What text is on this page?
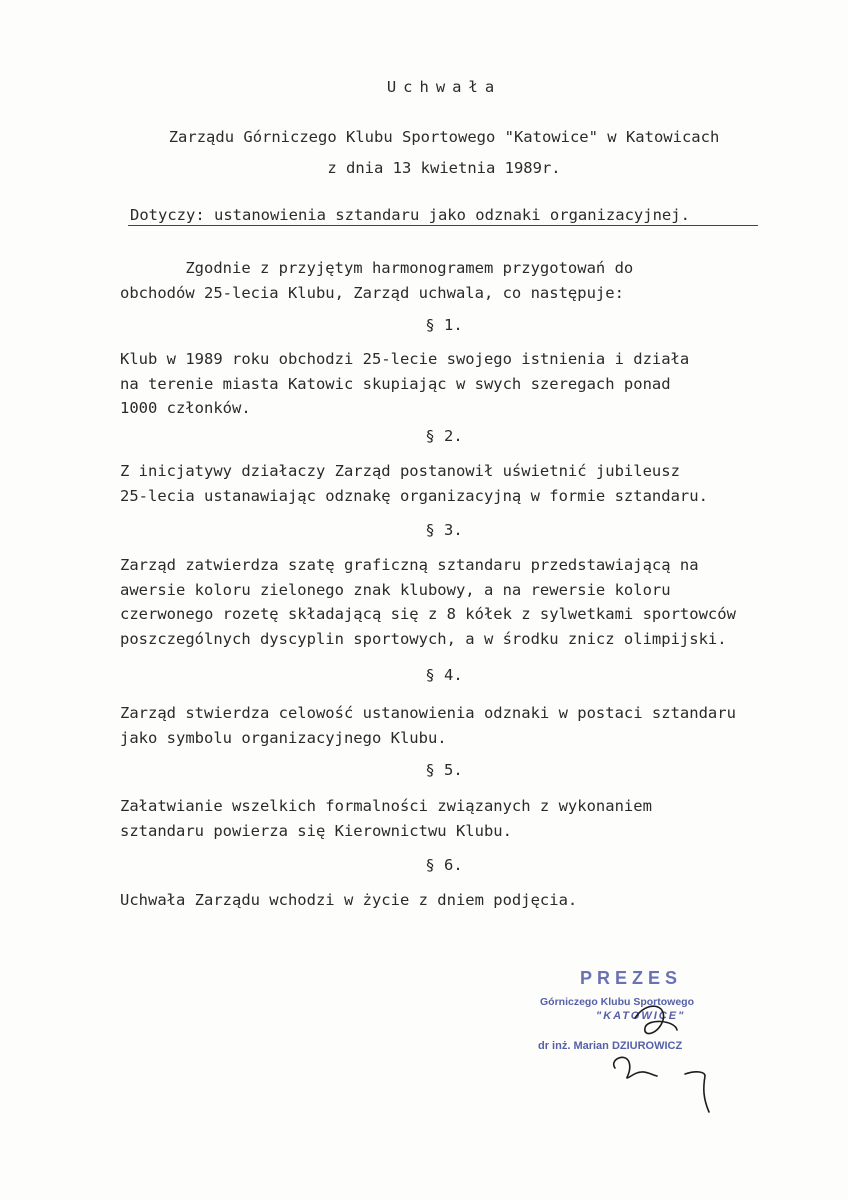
Uchwała
Zarządu Górniczego Klubu Sportowego "Katowice" w Katowicach
z dnia 13 kwietnia 1989r.
Dotyczy: ustanowienia sztandaru jako odznaki organizacyjnej.
Zgodnie z przyjętym harmonogramem przygotowań do
obchodów 25-lecia Klubu, Zarząd uchwala, co następuje:
§ 1.
Klub w 1989 roku obchodzi 25-lecie swojego istnienia i działa
na terenie miasta Katowic skupiając w swych szeregach ponad
1000 członków.
§ 2.
Z inicjatywy działaczy Zarząd postanowił uświetnić jubileusz
25-lecia ustanawiając odznakę organizacyjną w formie sztandaru.
§ 3.
Zarząd zatwierdza szatę graficzną sztandaru przedstawiającą na
awersie koloru zielonego znak klubowy, a na rewersie koloru
czerwonego rozetę składającą się z 8 kółek z sylwetkami sportowców
poszczególnych dyscyplin sportowych, a w środku znicz olimpijski.
§ 4.
Zarząd stwierdza celowość ustanowienia odznaki w postaci sztandaru
jako symbolu organizacyjnego Klubu.
§ 5.
Załatwianie wszelkich formalności związanych z wykonaniem
sztandaru powierza się Kierownictwu Klubu.
§ 6.
Uchwała Zarządu wchodzi w życie z dniem podjęcia.
PREZES
Górniczego Klubu Sportowego
"KATOWICE"
dr inż. Marian DZIUROWICZ
